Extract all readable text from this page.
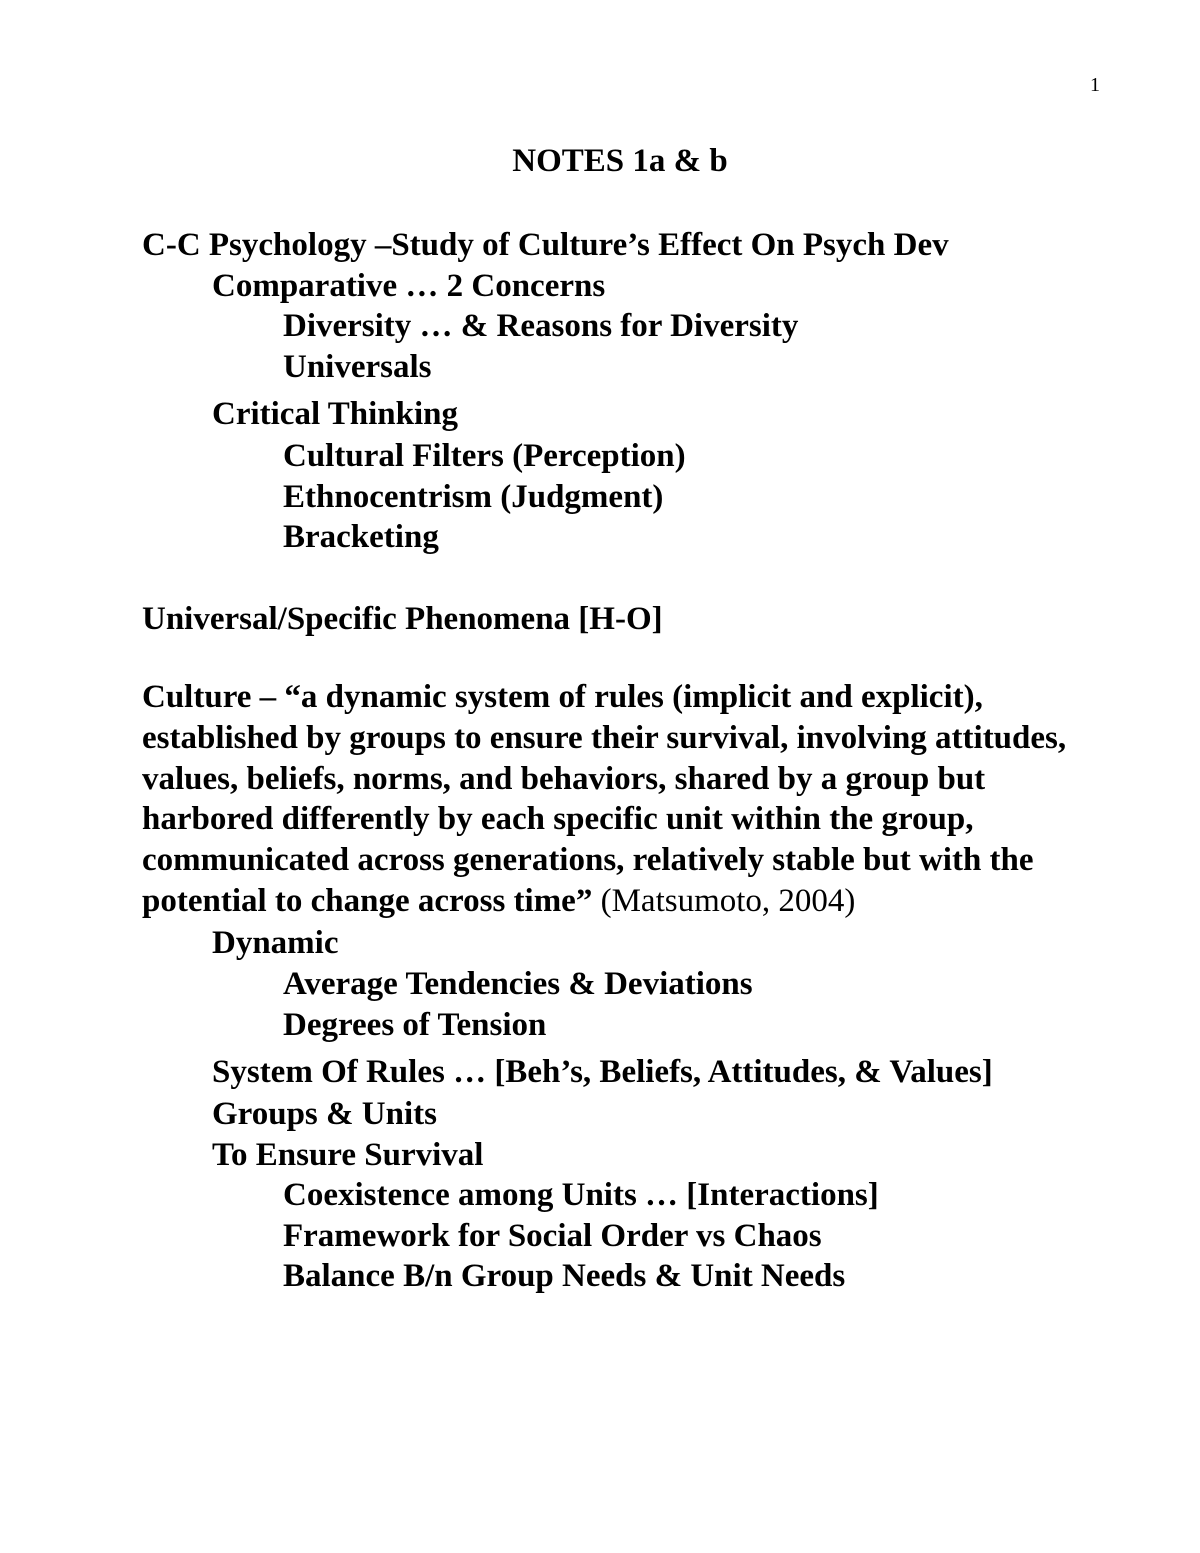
1
NOTES 1a & b
C-C Psychology –Study of Culture’s Effect On Psych Dev
Comparative … 2 Concerns
Diversity … & Reasons for Diversity
Universals
Critical Thinking
Cultural Filters (Perception)
Ethnocentrism (Judgment)
Bracketing
Universal/Specific Phenomena [H-O]
Culture – “a dynamic system of rules (implicit and explicit), established by groups to ensure their survival, involving attitudes, values, beliefs, norms, and behaviors, shared by a group but harbored differently by each specific unit within the group, communicated across generations, relatively stable but with the potential to change across time” (Matsumoto, 2004)
Dynamic
Average Tendencies & Deviations
Degrees of Tension
System Of Rules … [Beh’s, Beliefs, Attitudes, & Values]
Groups & Units
To Ensure Survival
Coexistence among Units … [Interactions]
Framework for Social Order vs Chaos
Balance B/n Group Needs & Unit Needs
